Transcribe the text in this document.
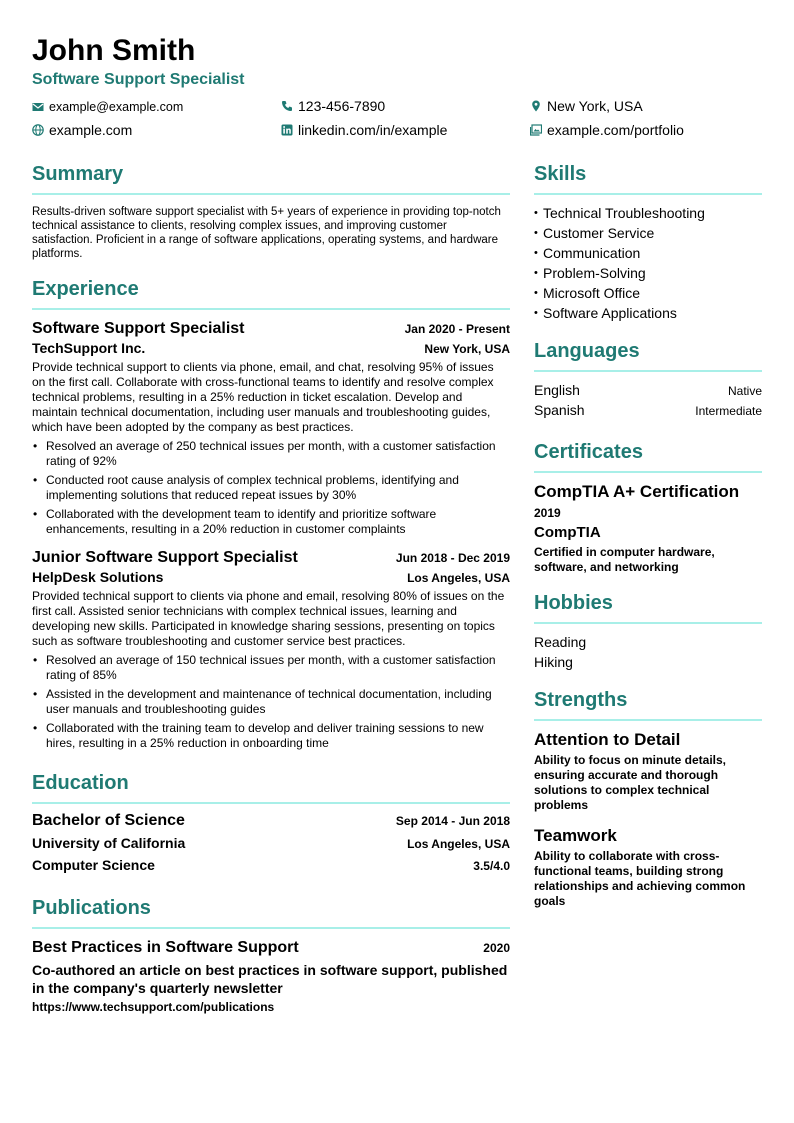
John Smith
Software Support Specialist
example@example.com	123-456-7890	New York, USA
example.com	linkedin.com/in/example	example.com/portfolio
Summary

Results-driven software support specialist with 5+ years of experience in providing top-notch technical assistance to clients, resolving complex issues, and improving customer satisfaction. Proficient in a range of software applications, operating systems, and hardware platforms.

Experience
Software Support Specialist	Jan 2020 - Present
TechSupport Inc.	New York, USA

Provide technical support to clients via phone, email, and chat, resolving 95% of issues on the first call. Collaborate with cross-functional teams to identify and resolve complex technical problems, resulting in a 25% reduction in ticket escalation. Develop and maintain technical documentation, including user manuals and troubleshooting guides, which have been adopted by the company as best practices.

• Resolved an average of 250 technical issues per month, with a customer satisfaction rating of 92%
• Conducted root cause analysis of complex technical problems, identifying and implementing solutions that reduced repeat issues by 30%
• Collaborated with the development team to identify and prioritize software enhancements, resulting in a 20% reduction in customer complaints
Junior Software Support Specialist	Jun 2018 - Dec 2019
HelpDesk Solutions	Los Angeles, USA

Provided technical support to clients via phone and email, resolving 80% of issues on the first call. Assisted senior technicians with complex technical issues, learning and developing new skills. Participated in knowledge sharing sessions, presenting on topics such as software troubleshooting and customer service best practices.

• Resolved an average of 150 technical issues per month, with a customer satisfaction rating of 85%
• Assisted in the development and maintenance of technical documentation, including user manuals and troubleshooting guides
• Collaborated with the training team to develop and deliver training sessions to new hires, resulting in a 25% reduction in onboarding time
Education
Bachelor of Science	Sep 2014 - Jun 2018
University of California	Los Angeles, USA
Computer Science	3.5/4.0
Publications
Best Practices in Software Support	2020

Co-authored an article on best practices in software support, published in the company's quarterly newsletter

https://www.techsupport.com/publications

Skills
• Technical Troubleshooting
• Customer Service
• Communication
• Problem-Solving
• Microsoft Office
• Software Applications
Languages
English	Native
Spanish	Intermediate
Certificates
CompTIA A+ Certification
2019
CompTIA
Certified in computer hardware, software, and networking
Hobbies
Reading
Hiking
Strengths
Attention to Detail
Ability to focus on minute details, ensuring accurate and thorough solutions to complex technical problems
Teamwork
Ability to collaborate with cross-functional teams, building strong relationships and achieving common goals
